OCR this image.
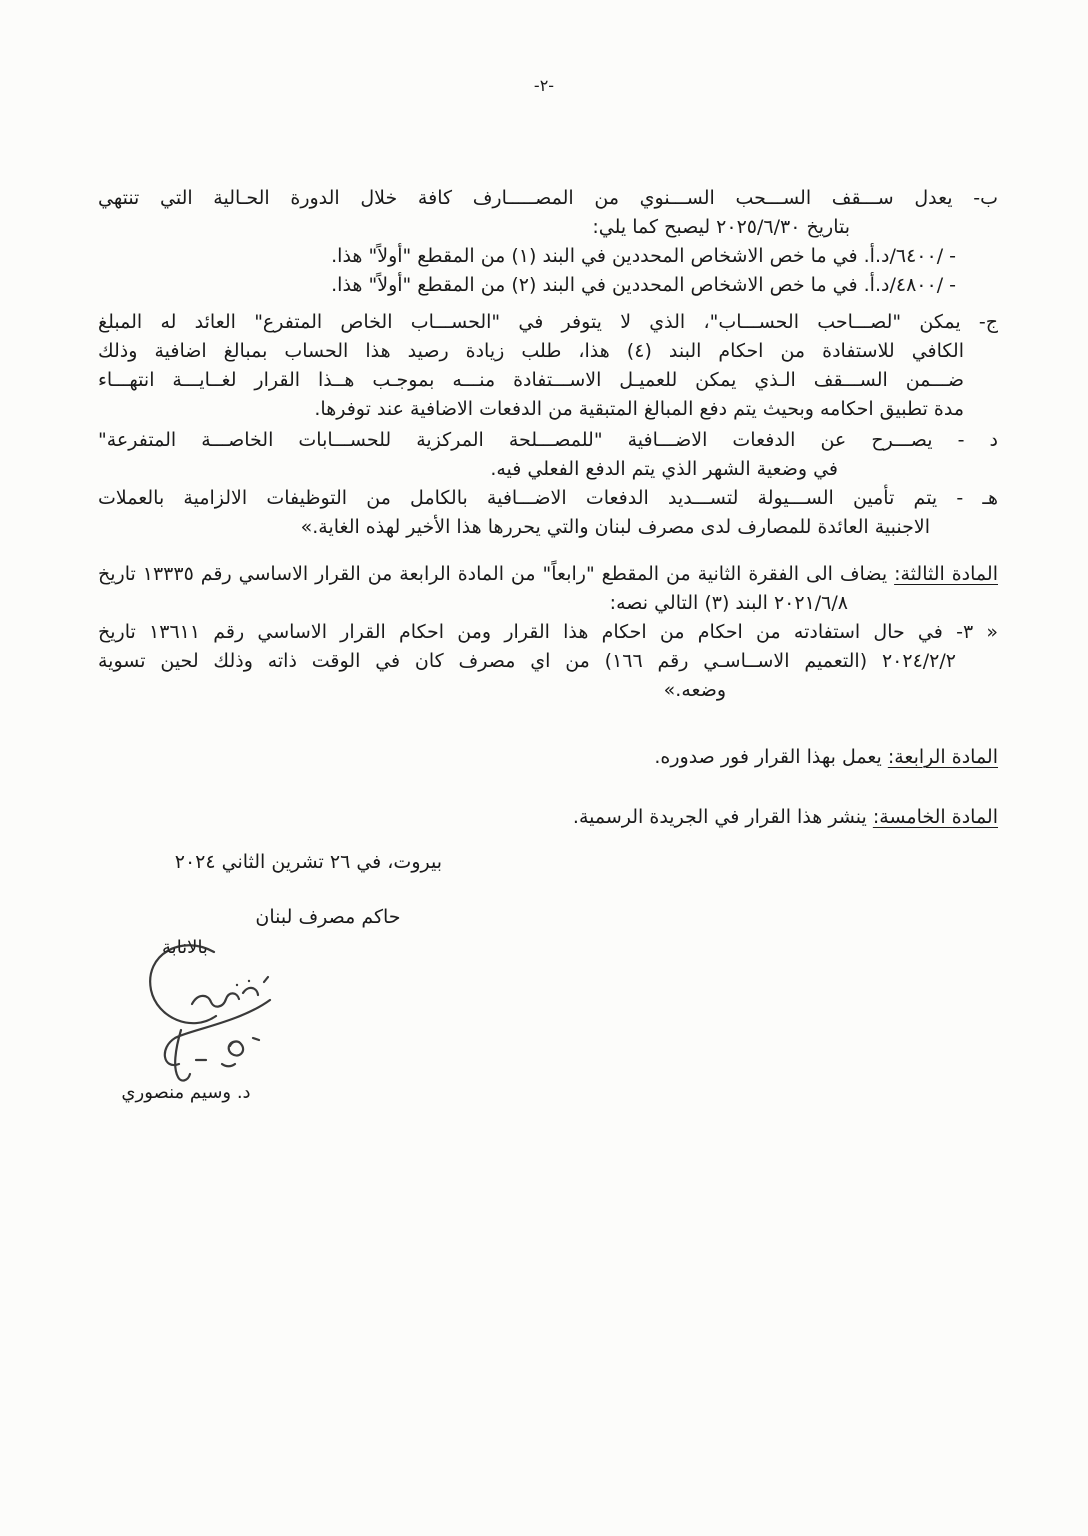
-٢-
ب- يعدل ســـقف الســـحب الســـنوي من المصـــــارف كافة خلال الدورة الحـالية التي تنتهي
بتاريخ ٢٠٢٥/٦/٣٠ ليصبح كما يلي:
- /٦٤٠٠/د.أ. في ما خص الاشخاص المحددين في البند (١) من المقطع "أولاً" هذا.
- /٤٨٠٠/د.أ. في ما خص الاشخاص المحددين في البند (٢) من المقطع "أولاً" هذا.
ج- يمكن "لصـــاحب الحســـاب"، الذي لا يتوفر في "الحســـاب الخاص المتفرع" العائد له المبلغ
الكافي للاستفادة من احكام البند (٤) هذا، طلب زيادة رصيد هذا الحساب بمبالغ اضافية وذلك
ضـــمن الســـقف الـذي يمكن للعميـل الاســـتفادة منـــه بموجـب هــذا القرار لغــايـــة انتهـــاء
مدة تطبيق احكامه وبحيث يتم دفع المبالغ المتبقية من الدفعات الاضافية عند توفرها.
د - يصـــرح عن الدفعات الاضـــافية "للمصـــلحة المركزية للحســـابات الخاصـــة المتفرعة"
في وضعية الشهر الذي يتم الدفع الفعلي فيه.
هـ - يتم تأمين الســـيولة لتســـديد الدفعات الاضـــافية بالكامل من التوظيفات الالزامية بالعملات
الاجنبية العائدة للمصارف لدى مصرف لبنان والتي يحررها هذا الأخير لهذه الغاية.»
المادة الثالثة: يضاف الى الفقرة الثانية من المقطع "رابعاً" من المادة الرابعة من القرار الاساسي رقم ١٣٣٣٥ تاريخ
٢٠٢١/٦/٨ البند (٣) التالي نصه:
« ٣- في حال استفادته من احكام من احكام هذا القرار ومن احكام القرار الاساسي رقم ١٣٦١١ تاريخ
٢٠٢٤/٢/٢ (التعميم الاســاسـي رقم ١٦٦) من اي مصرف كان في الوقت ذاته وذلك لحين تسوية
وضعه.»
المادة الرابعة: يعمل بهذا القرار فور صدوره.
المادة الخامسة: ينشر هذا القرار في الجريدة الرسمية.
بيروت، في ٢٦ تشرين الثاني ٢٠٢٤
حاكم مصرف لبنان
بالانابة
د. وسيم منصوري
